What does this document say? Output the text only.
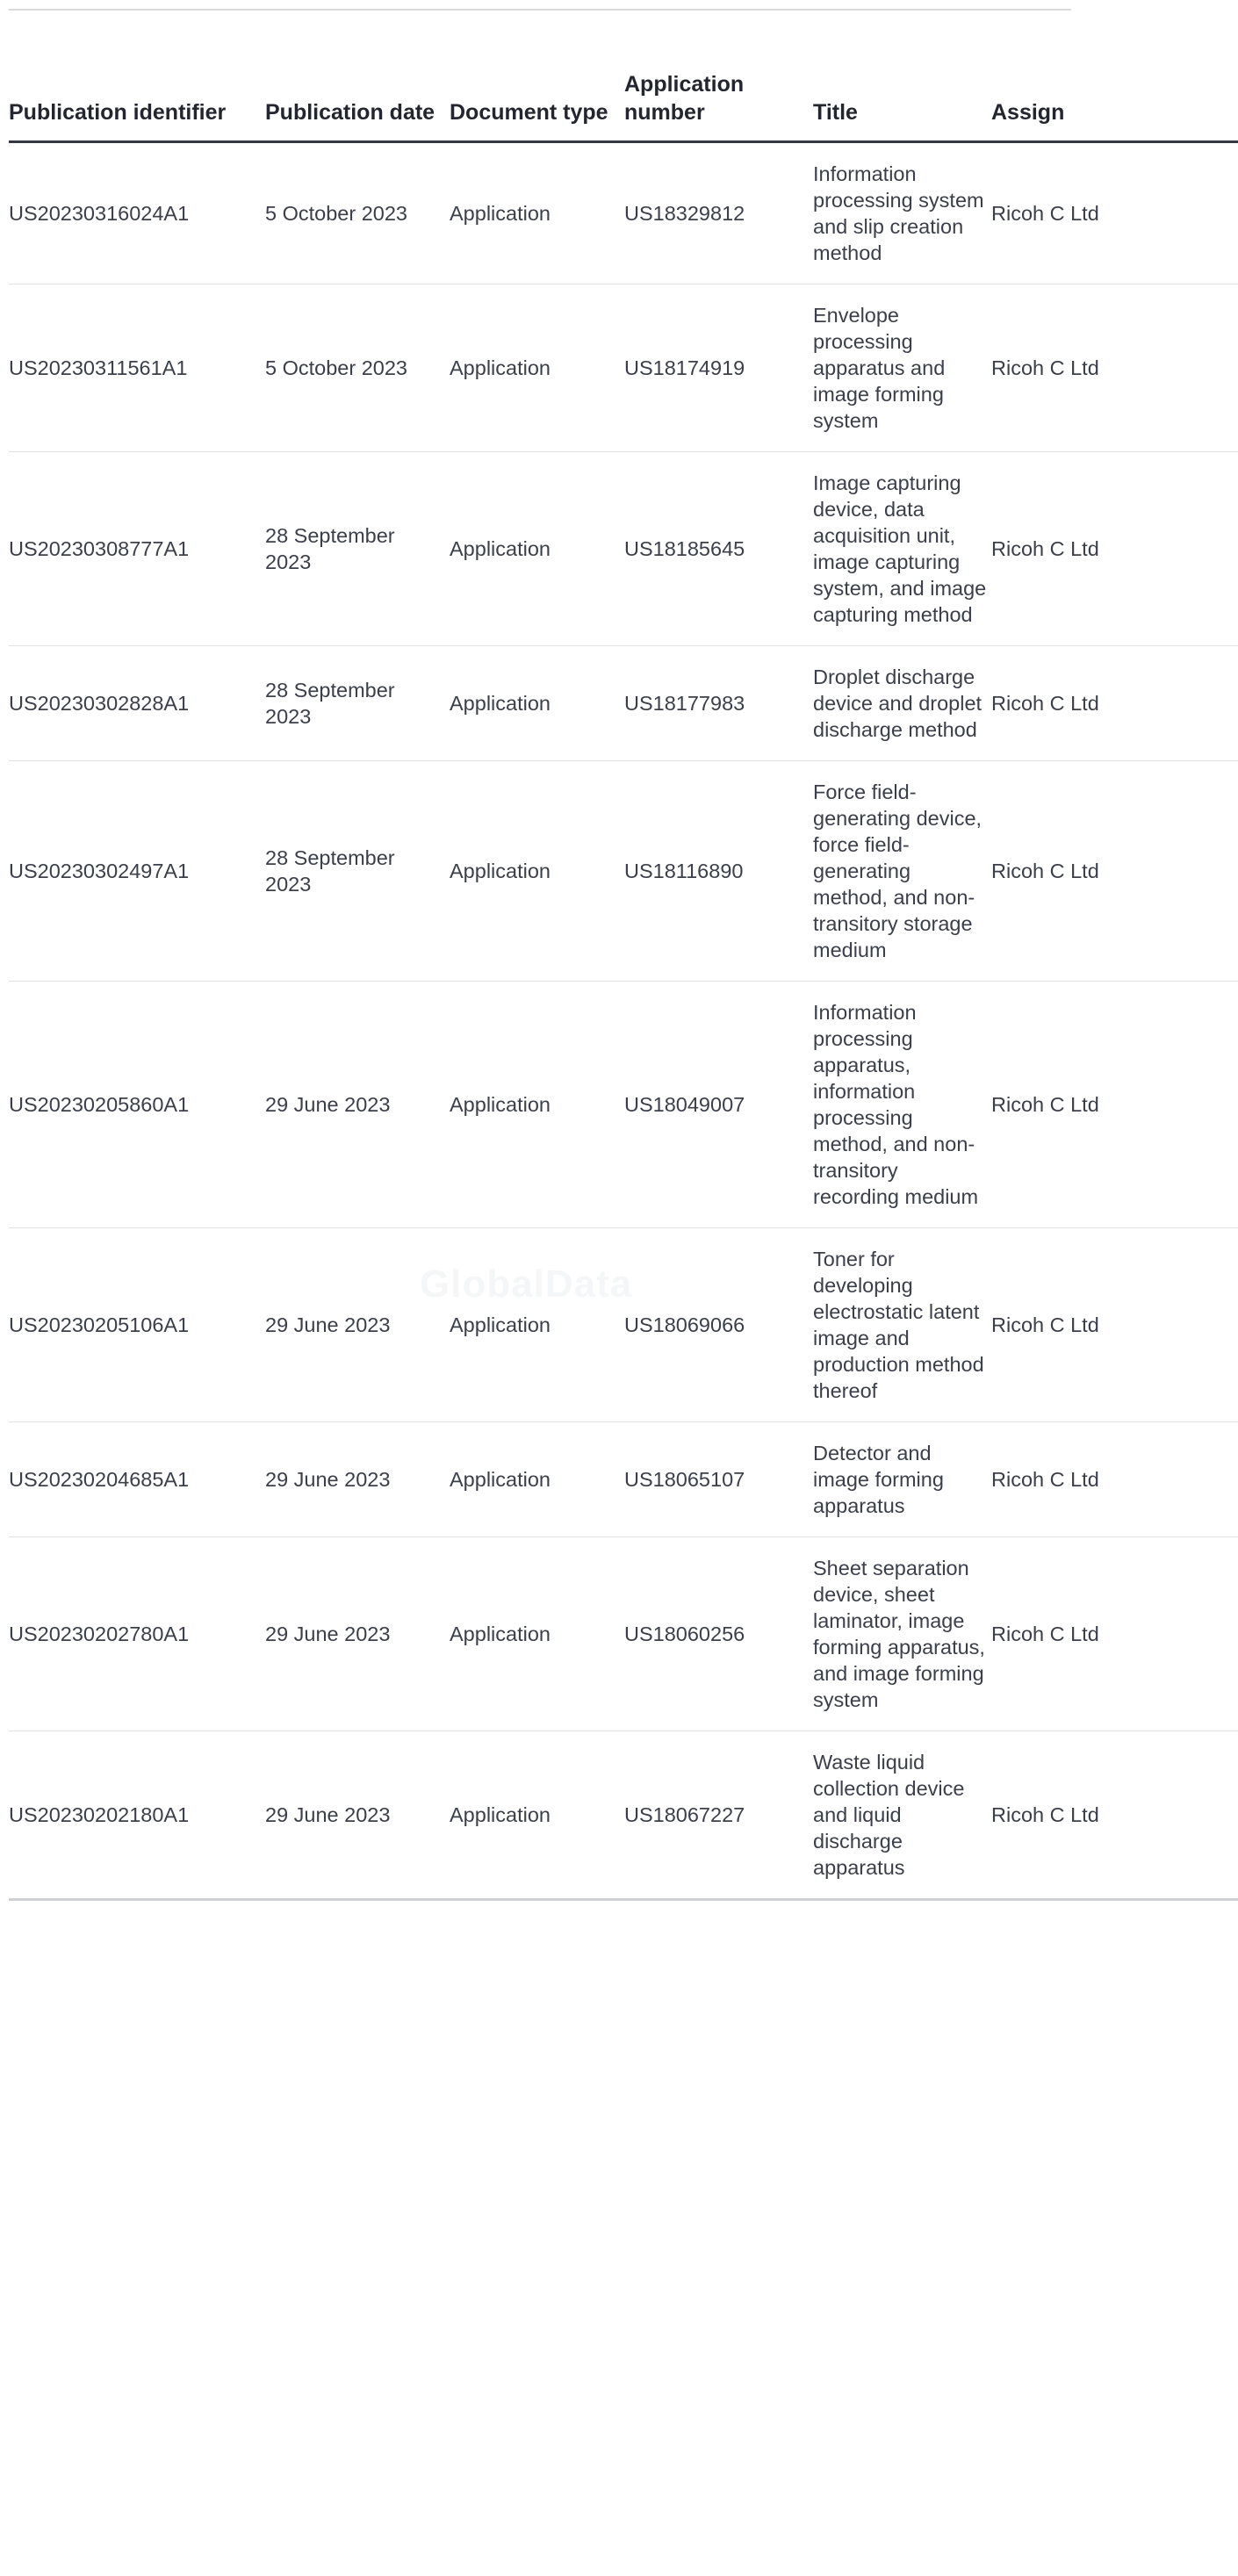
GlobalData
Publication identifier	Publication date	Document type	Application number	Title	Assign
US20230316024A1	5 October 2023	Application	US18329812	Information processing system and slip creation method	Ricoh C Ltd
US20230311561A1	5 October 2023	Application	US18174919	Envelope processing apparatus and image forming system	Ricoh C Ltd
US20230308777A1	28 September 2023	Application	US18185645	Image capturing device, data acquisition unit, image capturing system, and image capturing method	Ricoh C Ltd
US20230302828A1	28 September 2023	Application	US18177983	Droplet discharge device and droplet discharge method	Ricoh C Ltd
US20230302497A1	28 September 2023	Application	US18116890	Force field-generating device, force field-generating method, and non-transitory storage medium	Ricoh C Ltd
US20230205860A1	29 June 2023	Application	US18049007	Information processing apparatus, information processing method, and non-transitory recording medium	Ricoh C Ltd
US20230205106A1	29 June 2023	Application	US18069066	Toner for developing electrostatic latent image and production method thereof	Ricoh C Ltd
US20230204685A1	29 June 2023	Application	US18065107	Detector and image forming apparatus	Ricoh C Ltd
US20230202780A1	29 June 2023	Application	US18060256	Sheet separation device, sheet laminator, image forming apparatus, and image forming system	Ricoh C Ltd
US20230202180A1	29 June 2023	Application	US18067227	Waste liquid collection device and liquid discharge apparatus	Ricoh C Ltd
